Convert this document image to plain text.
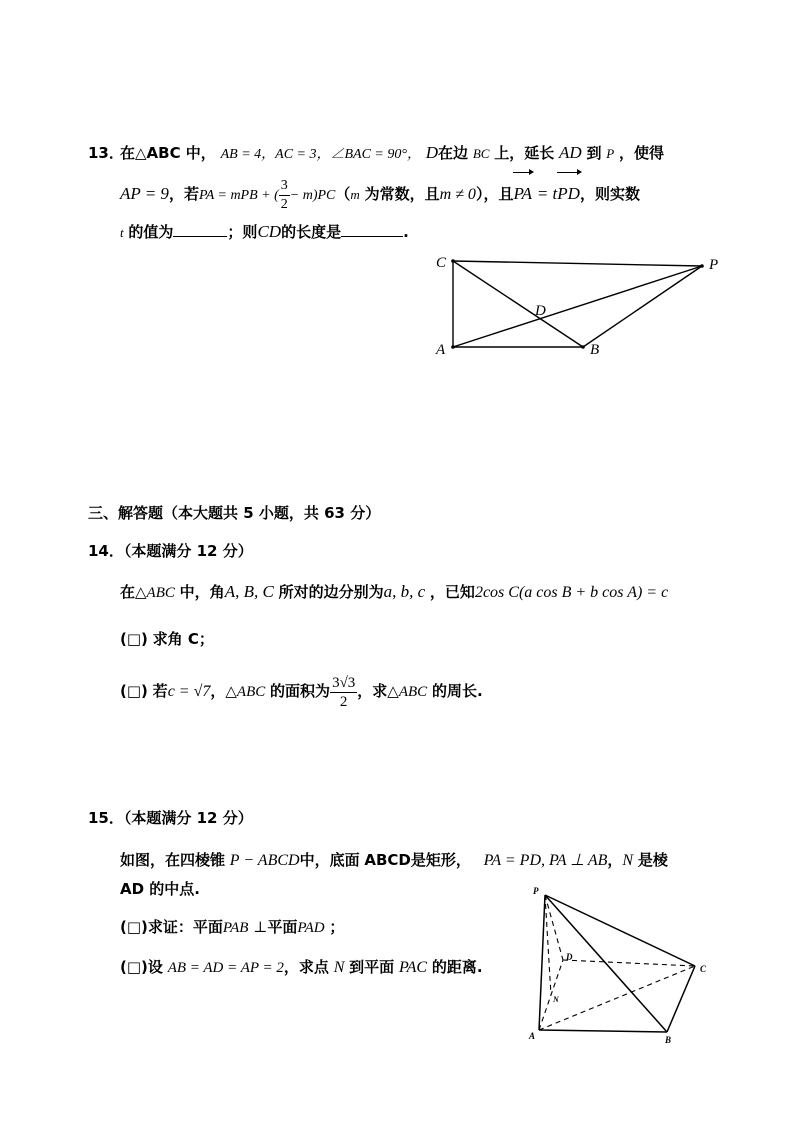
13．
在△ABC 中， AB = 4，AC = 3，∠BAC = 90°， D在边 BC 上，延长 AD 到 P ，使得
AP = 9，若PA = mPB + ( $\frac{3}{2} - m)PC(m$ 为常数，且m ≠ 0），且PA = tPD，则实数
t 的值为	；则CD的长度是	.
C	P
D
A	B
三、解答题（本大题共 5 小题，共 63 分）
14．（本题满分 12 分）
在△ABC 中，角A, B, C 所对的边分别为a, b, c ，已知2cos C(a cos B + b cos A) = c
(□) 求角 C；
(□) 若c = √7，△ABC 的面积为 $\frac{3√3}{2}$ ，求△ABC 的周长.
15．（本题满分 12 分）
如图，在四棱锥 P − ABCD中，底面 ABCD是矩形， PA = PD, PA ⊥ AB，N 是棱
AD 的中点.
(□)求证：平面PAB ⊥平面PAD ；
(□)设 AB = AD = AP = 2，求点 N 到平面 PAC 的距离.
P
D
C
N
A	B
